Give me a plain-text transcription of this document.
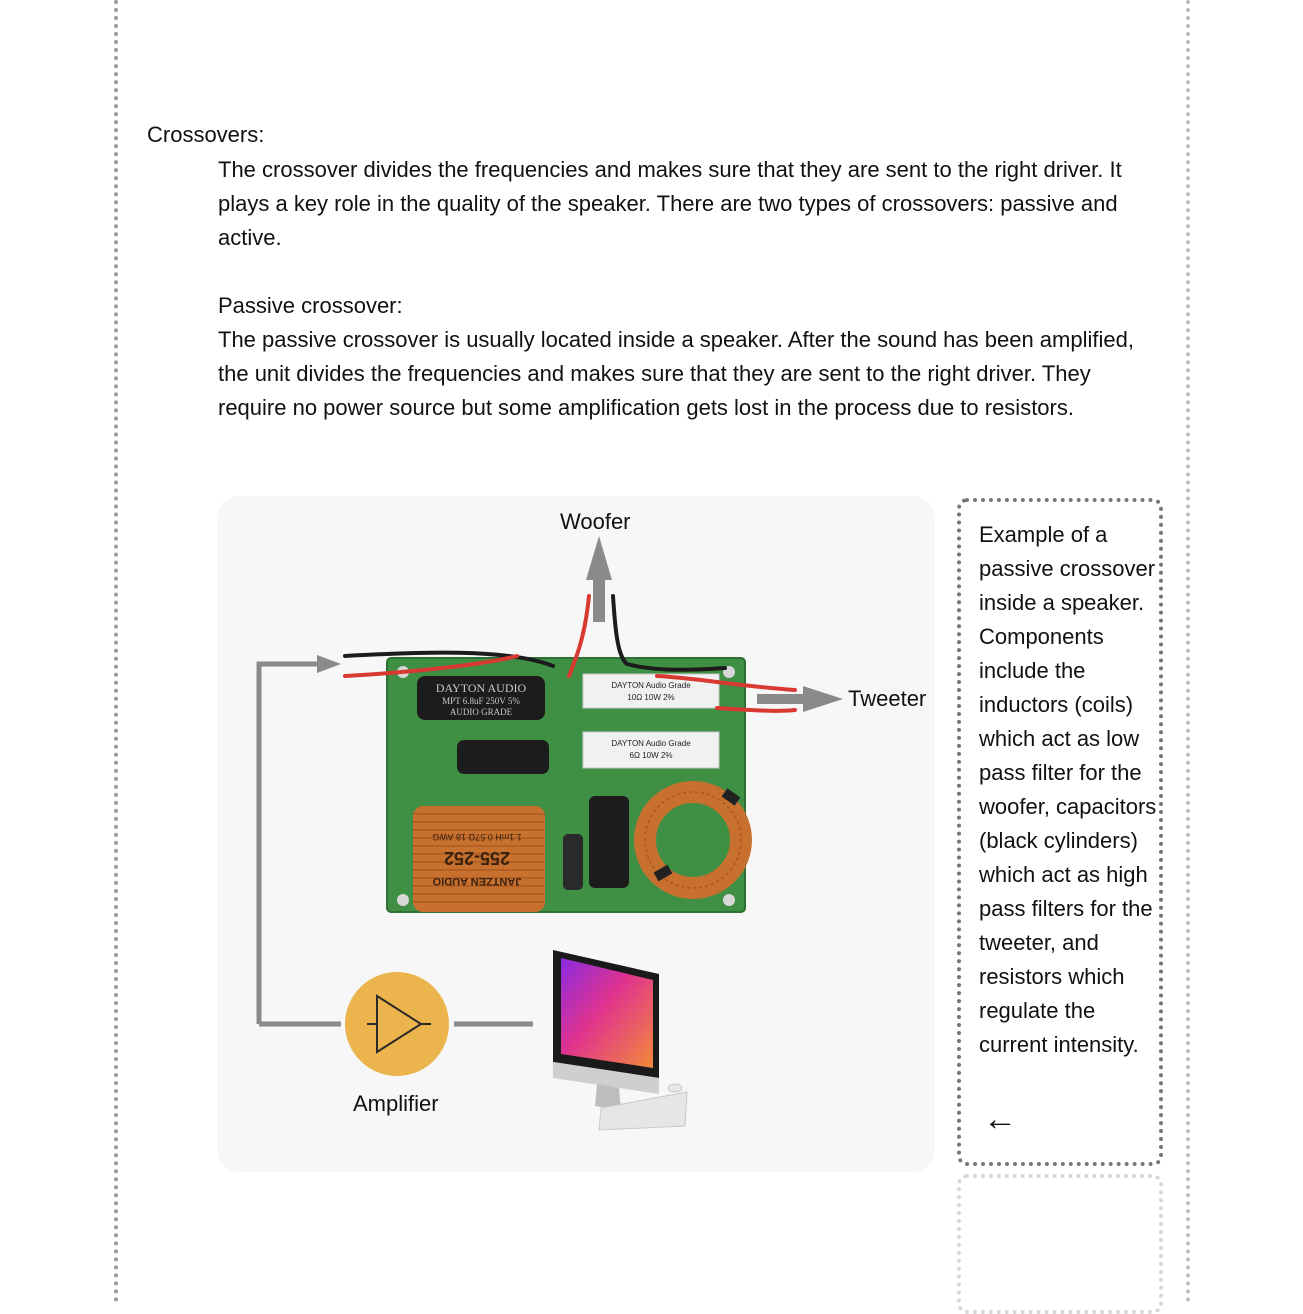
Crossovers:
The crossover divides the frequencies and makes sure that they are sent to the right driver. It plays a key role in the quality of the speaker. There are two types of crossovers: passive and active.
Passive crossover:
The passive crossover is usually located inside a speaker. After the sound has been amplified, the unit divides the frequencies and makes sure that they are sent to the right driver. They require no power source but some amplification gets lost in the process due to resistors.
DAYTON AUDIO
MPT 6.8uF 250V 5%
AUDIO GRADE
DAYTON Audio Grade
10Ω 10W 2%
DAYTON Audio Grade
6Ω 10W 2%
1.1mH 0.57Ω 18 AWG
255-252
JANTZEN AUDIO
Woofer
Tweeter
Amplifier
Example of a passive crossover inside a speaker. Components include the inductors (coils) which act as low pass filter for the woofer, capacitors (black cylinders) which act as high pass filters for the tweeter, and resistors which regulate the current intensity.
←
